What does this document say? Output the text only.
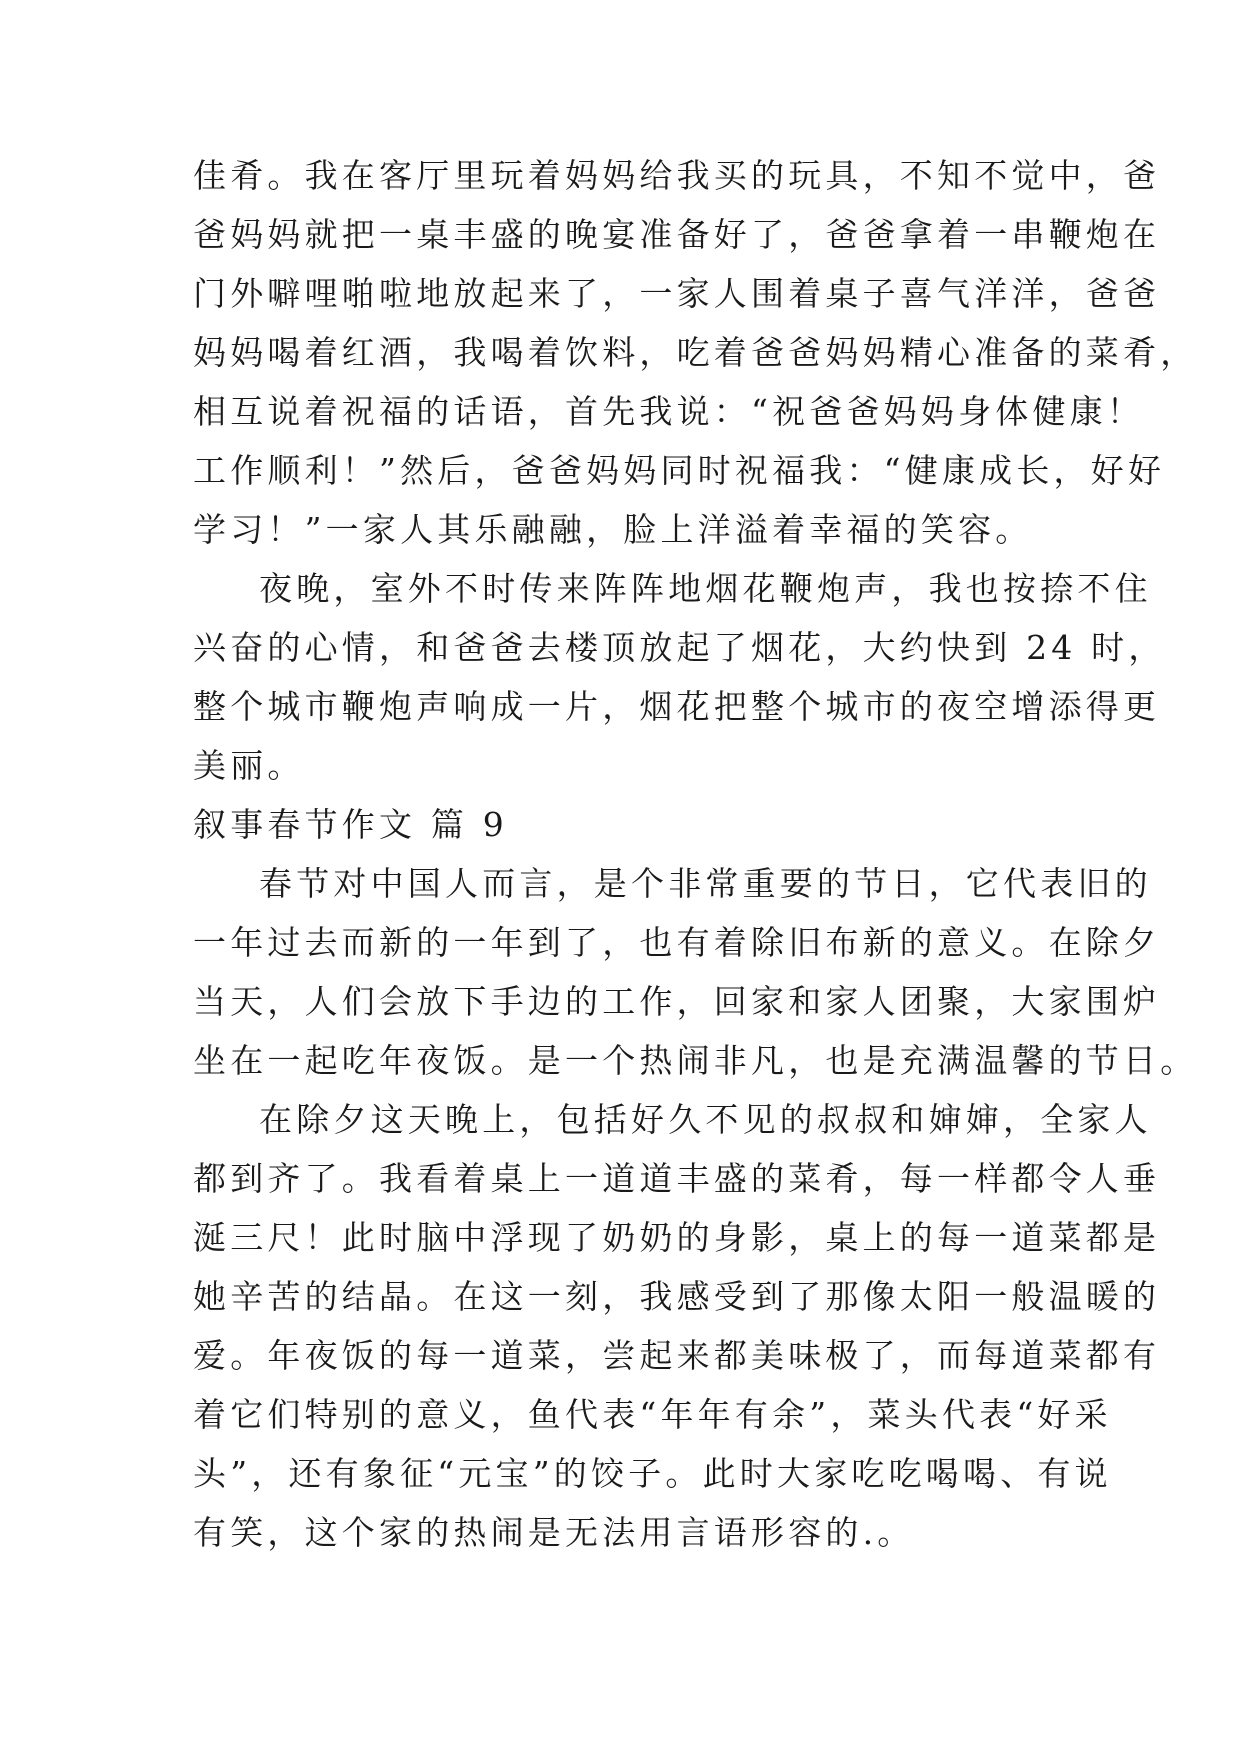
佳肴。我在客厅里玩着妈妈给我买的玩具，不知不觉中，爸
爸妈妈就把一桌丰盛的晚宴准备好了，爸爸拿着一串鞭炮在
门外噼哩啪啦地放起来了，一家人围着桌子喜气洋洋，爸爸
妈妈喝着红酒，我喝着饮料，吃着爸爸妈妈精心准备的菜肴，
相互说着祝福的话语，首先我说：“祝爸爸妈妈身体健康！
工作顺利！”然后，爸爸妈妈同时祝福我：“健康成长，好好
学习！”一家人其乐融融，脸上洋溢着幸福的笑容。
夜晚，室外不时传来阵阵地烟花鞭炮声，我也按捺不住
兴奋的心情，和爸爸去楼顶放起了烟花，大约快到 24 时，
整个城市鞭炮声响成一片，烟花把整个城市的夜空增添得更
美丽。
叙事春节作文 篇 9
春节对中国人而言，是个非常重要的节日，它代表旧的
一年过去而新的一年到了，也有着除旧布新的意义。在除夕
当天，人们会放下手边的工作，回家和家人团聚，大家围炉
坐在一起吃年夜饭。是一个热闹非凡，也是充满温馨的节日。
在除夕这天晚上，包括好久不见的叔叔和婶婶，全家人
都到齐了。我看着桌上一道道丰盛的菜肴，每一样都令人垂
涎三尺！此时脑中浮现了奶奶的身影，桌上的每一道菜都是
她辛苦的结晶。在这一刻，我感受到了那像太阳一般温暖的
爱。年夜饭的每一道菜，尝起来都美味极了，而每道菜都有
着它们特别的意义，鱼代表“年年有余”，菜头代表“好采
头”，还有象征“元宝”的饺子。此时大家吃吃喝喝、有说
有笑，这个家的热闹是无法用言语形容的.。
